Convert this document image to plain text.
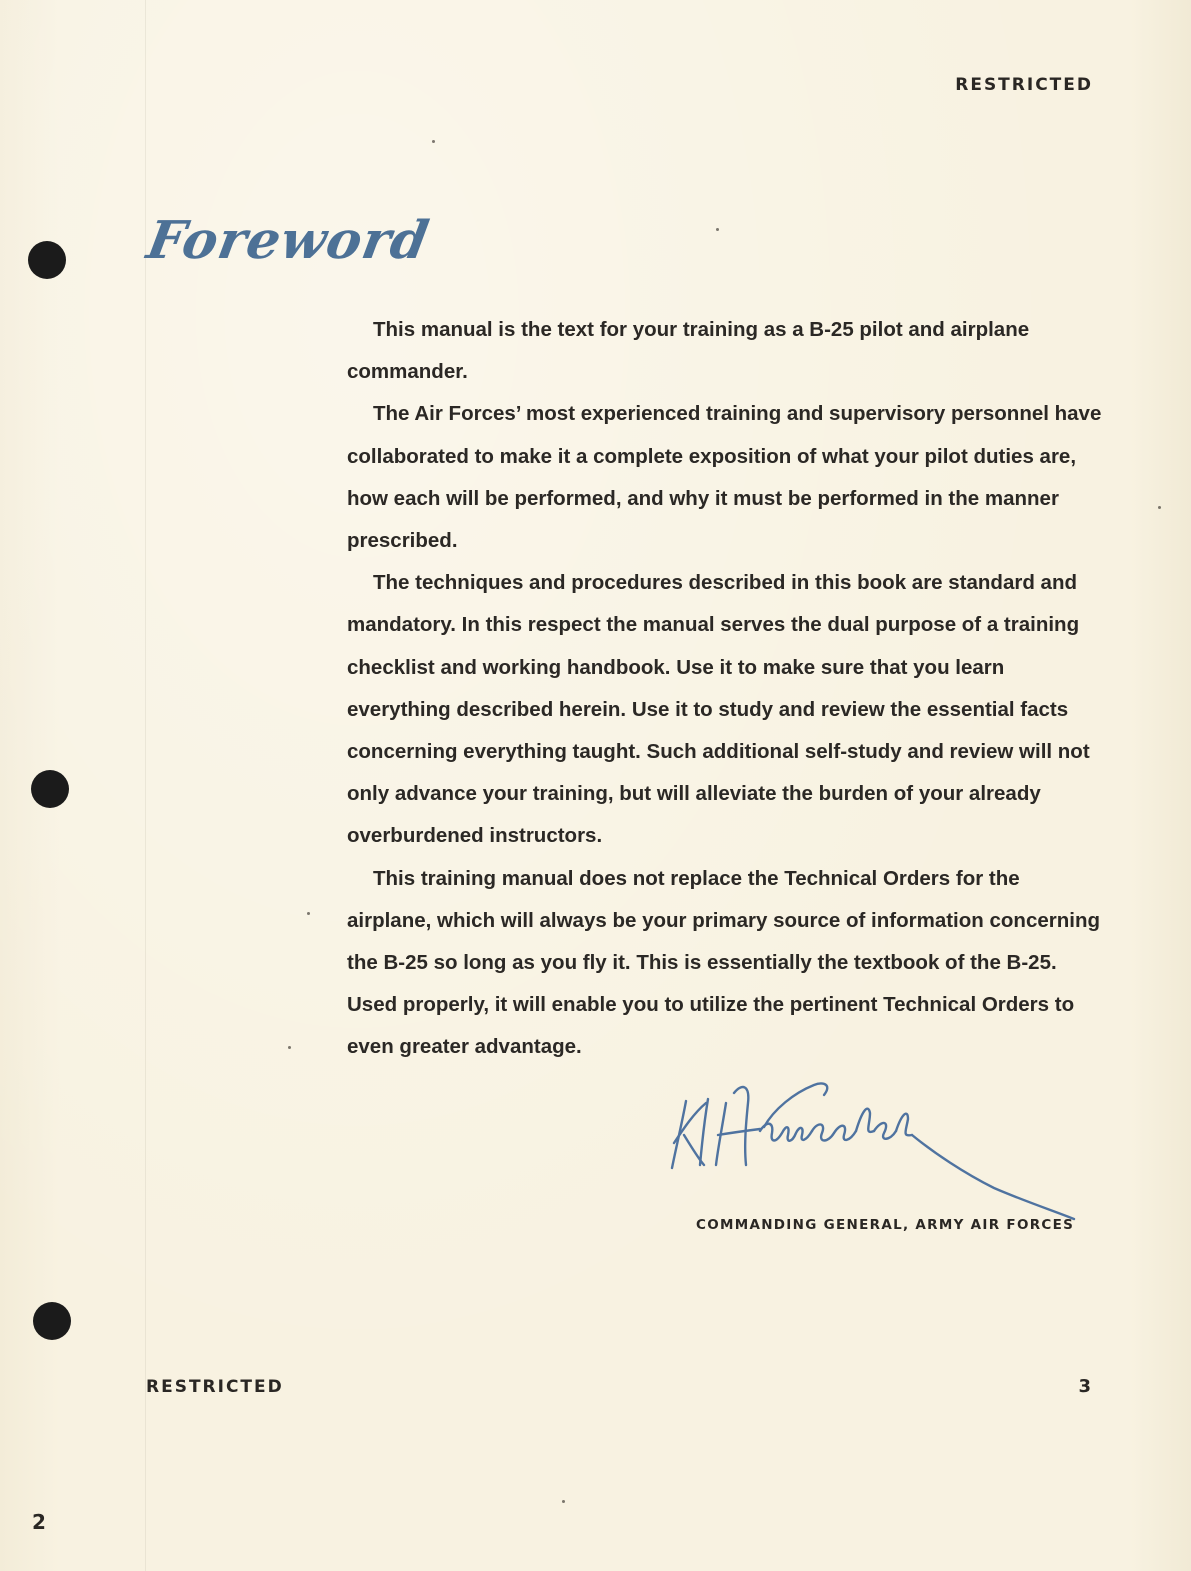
RESTRICTED
Foreword

This manual is the text for your training as a B-25 pilot and airplane commander.

The Air Forces’ most experienced training and supervisory personnel have collaborated to make it a complete exposition of what your pilot duties are, how each will be performed, and why it must be performed in the manner prescribed.

The techniques and procedures described in this book are standard and mandatory. In this respect the manual serves the dual purpose of a training checklist and working handbook. Use it to make sure that you learn everything described herein. Use it to study and review the essential facts concerning everything taught. Such additional self-study and review will not only advance your training, but will alleviate the burden of your already overburdened instructors.

This training manual does not replace the Technical Orders for the airplane, which will always be your primary source of information concerning the B-25 so long as you fly it. This is essentially the textbook of the B-25. Used properly, it will enable you to utilize the pertinent Technical Orders to even greater advantage.

COMMANDING GENERAL, ARMY AIR FORCES
RESTRICTED	3
2
